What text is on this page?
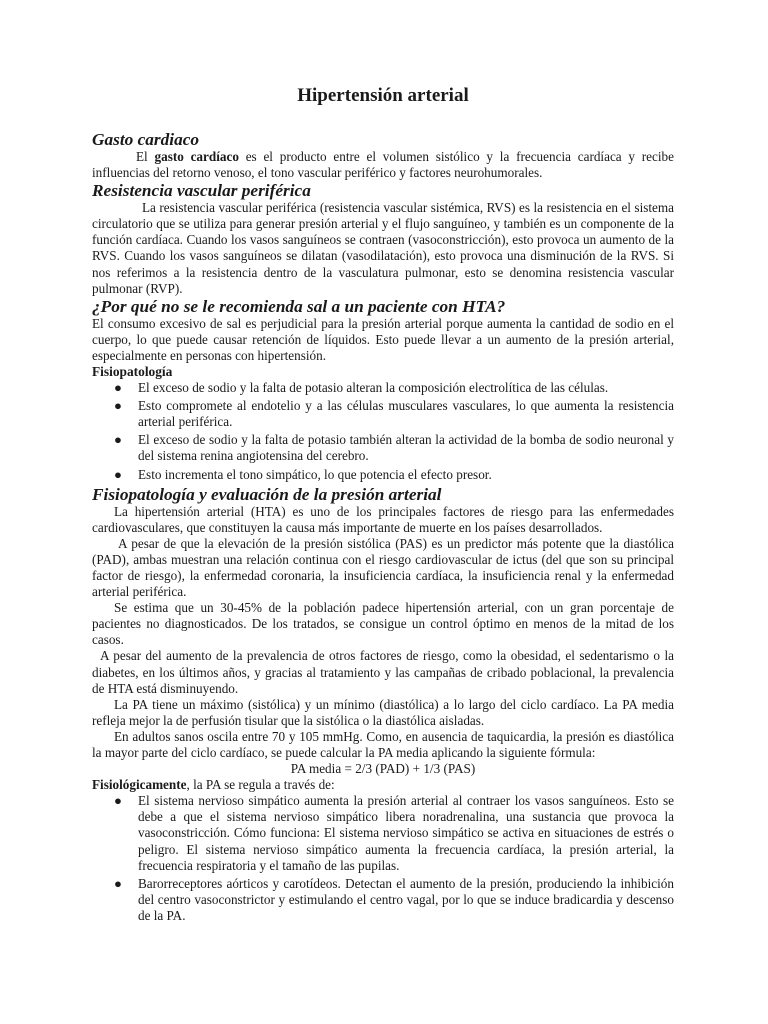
Hipertensión arterial
Gasto cardiaco

El gasto cardíaco es el producto entre el volumen sistólico y la frecuencia cardíaca y recibe influencias del retorno venoso, el tono vascular periférico y factores neurohumorales.

Resistencia vascular periférica

La resistencia vascular periférica (resistencia vascular sistémica, RVS) es la resistencia en el sistema circulatorio que se utiliza para generar presión arterial y el flujo sanguíneo, y también es un componente de la función cardíaca. Cuando los vasos sanguíneos se contraen (vasoconstricción), esto provoca un aumento de la RVS. Cuando los vasos sanguíneos se dilatan (vasodilatación), esto provoca una disminución de la RVS. Si nos referimos a la resistencia dentro de la vasculatura pulmonar, esto se denomina resistencia vascular pulmonar (RVP).

¿Por qué no se le recomienda sal a un paciente con HTA?

El consumo excesivo de sal es perjudicial para la presión arterial porque aumenta la cantidad de sodio en el cuerpo, lo que puede causar retención de líquidos. Esto puede llevar a un aumento de la presión arterial, especialmente en personas con hipertensión.

Fisiopatología
● El exceso de sodio y la falta de potasio alteran la composición electrolítica de las células.
● Esto compromete al endotelio y a las células musculares vasculares, lo que aumenta la resistencia arterial periférica.
● El exceso de sodio y la falta de potasio también alteran la actividad de la bomba de sodio neuronal y del sistema renina angiotensina del cerebro.
● Esto incrementa el tono simpático, lo que potencia el efecto presor.
Fisiopatología y evaluación de la presión arterial

La hipertensión arterial (HTA) es uno de los principales factores de riesgo para las enfermedades cardiovasculares, que constituyen la causa más importante de muerte en los países desarrollados.

A pesar de que la elevación de la presión sistólica (PAS) es un predictor más potente que la diastólica (PAD), ambas muestran una relación continua con el riesgo cardiovascular de ictus (del que son su principal factor de riesgo), la enfermedad coronaria, la insuficiencia cardíaca, la insuficiencia renal y la enfermedad arterial periférica.

Se estima que un 30-45% de la población padece hipertensión arterial, con un gran porcentaje de pacientes no diagnosticados. De los tratados, se consigue un control óptimo en menos de la mitad de los casos.

A pesar del aumento de la prevalencia de otros factores de riesgo, como la obesidad, el sedentarismo o la diabetes, en los últimos años, y gracias al tratamiento y las campañas de cribado poblacional, la prevalencia de HTA está disminuyendo.

La PA tiene un máximo (sistólica) y un mínimo (diastólica) a lo largo del ciclo cardíaco. La PA media refleja mejor la de perfusión tisular que la sistólica o la diastólica aisladas.

En adultos sanos oscila entre 70 y 105 mmHg. Como, en ausencia de taquicardia, la presión es diastólica la mayor parte del ciclo cardíaco, se puede calcular la PA media aplicando la siguiente fórmula:

PA media = 2/3 (PAD) + 1/3 (PAS)

Fisiológicamente, la PA se regula a través de:

● El sistema nervioso simpático aumenta la presión arterial al contraer los vasos sanguíneos. Esto se debe a que el sistema nervioso simpático libera noradrenalina, una sustancia que provoca la vasoconstricción. Cómo funciona: El sistema nervioso simpático se activa en situaciones de estrés o peligro. El sistema nervioso simpático aumenta la frecuencia cardíaca, la presión arterial, la frecuencia respiratoria y el tamaño de las pupilas.
● Barorreceptores aórticos y carotídeos. Detectan el aumento de la presión, produciendo la inhibición del centro vasoconstrictor y estimulando el centro vagal, por lo que se induce bradicardia y descenso de la PA.
